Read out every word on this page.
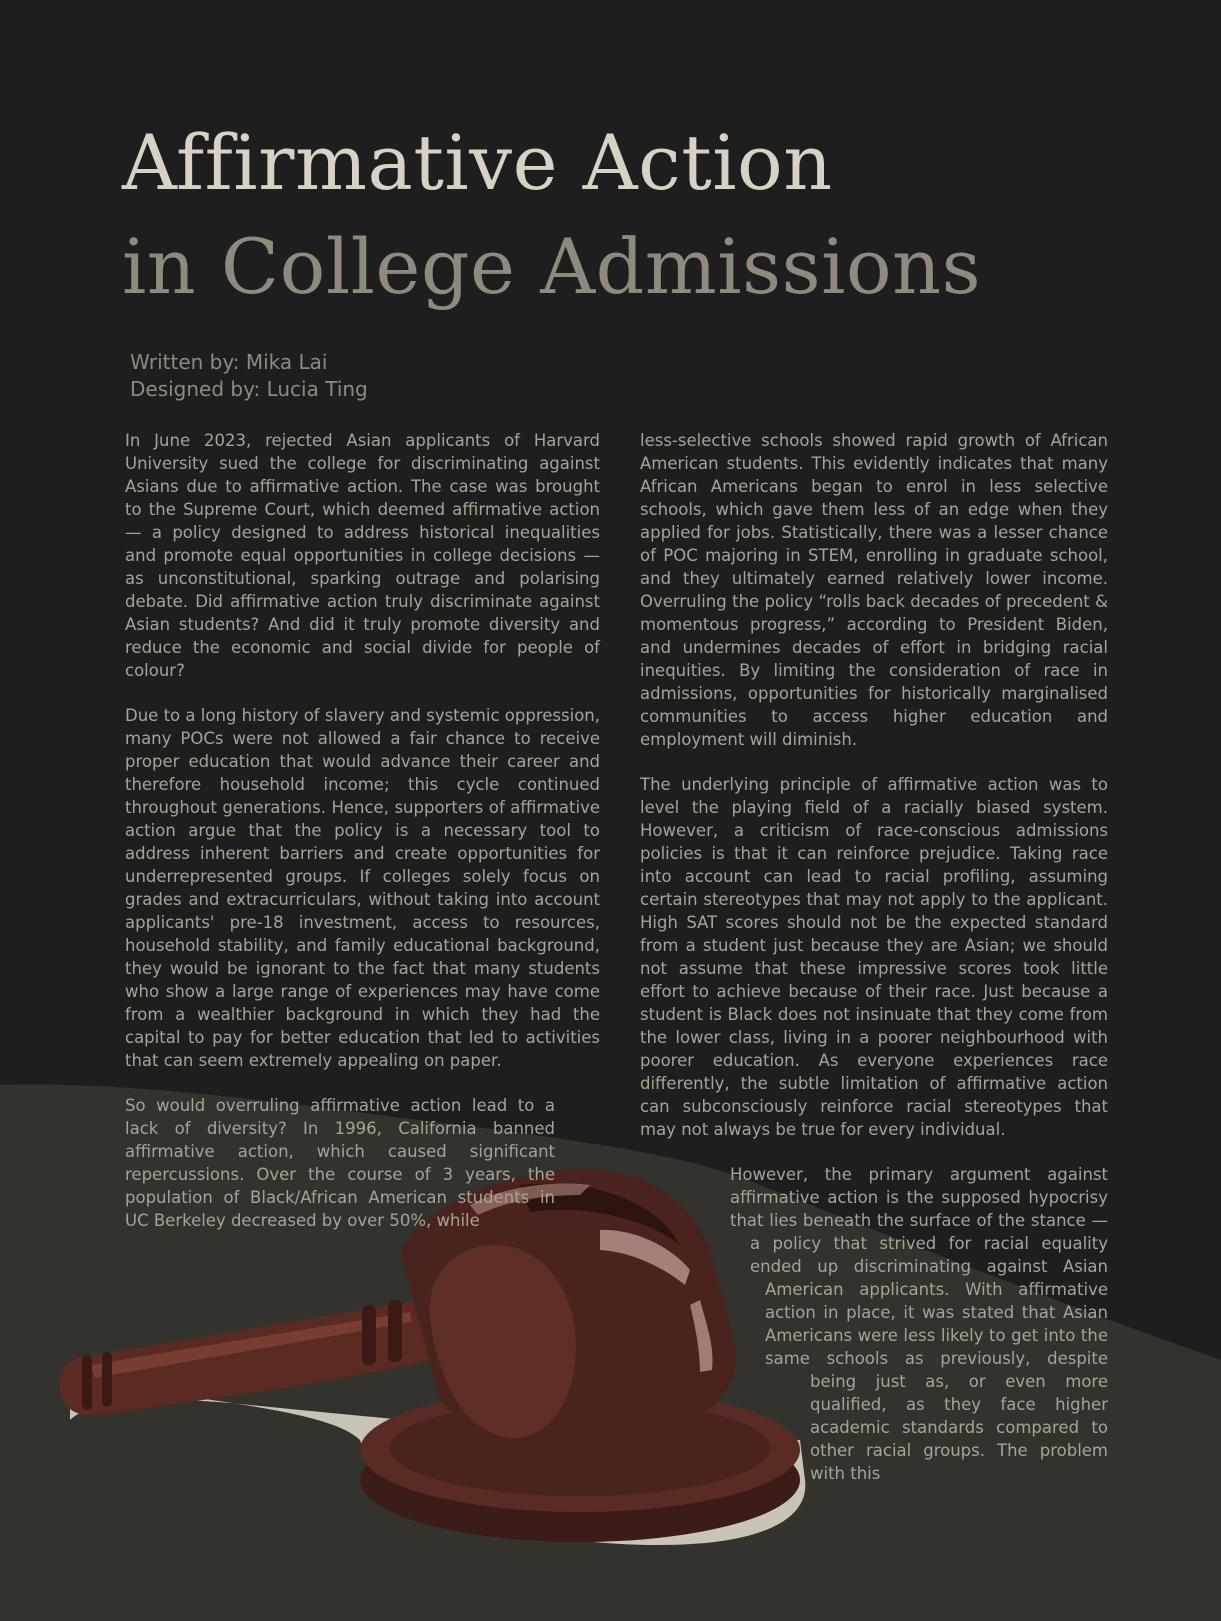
Affirmative Action
in College Admissions
Written by: Mika Lai
Designed by: Lucia Ting

In June 2023, rejected Asian applicants of Harvard University sued the college for discriminating against Asians due to affirmative action. The case was brought to the Supreme Court, which deemed affirmative action — a policy designed to address historical inequalities and promote equal opportunities in college decisions — as unconstitutional, sparking outrage and polarising debate. Did affirmative action truly discriminate against Asian students? And did it truly promote diversity and reduce the economic and social divide for people of colour?

Due to a long history of slavery and systemic oppression, many POCs were not allowed a fair chance to receive proper education that would advance their career and therefore household income; this cycle continued throughout generations. Hence, supporters of affirmative action argue that the policy is a necessary tool to address inherent barriers and create opportunities for underrepresented groups. If colleges solely focus on grades and extracurriculars, without taking into account applicants' pre-18 investment, access to resources, household stability, and family educational background, they would be ignorant to the fact that many students who show a large range of experiences may have come from a wealthier background in which they had the capital to pay for better education that led to activities that can seem extremely appealing on paper.

So would overruling affirmative action lead to a lack of diversity? In 1996, California banned affirmative action, which caused significant repercussions. Over the course of 3 years, the population of Black/African American students in UC Berkeley decreased by over 50%, while

less-selective schools showed rapid growth of African American students. This evidently indicates that many African Americans began to enrol in less selective schools, which gave them less of an edge when they applied for jobs. Statistically, there was a lesser chance of POC majoring in STEM, enrolling in graduate school, and they ultimately earned relatively lower income. Overruling the policy “rolls back decades of precedent & momentous progress,” according to President Biden, and undermines decades of effort in bridging racial inequities. By limiting the consideration of race in admissions, opportunities for historically marginalised communities to access higher education and employment will diminish.

The underlying principle of affirmative action was to level the playing field of a racially biased system. However, a criticism of race-conscious admissions policies is that it can reinforce prejudice. Taking race into account can lead to racial profiling, assuming certain stereotypes that may not apply to the applicant. High SAT scores should not be the expected standard from a student just because they are Asian; we should not assume that these impressive scores took little effort to achieve because of their race. Just because a student is Black does not insinuate that they come from the lower class, living in a poorer neighbourhood with poorer education. As everyone experiences race differently, the subtle limitation of affirmative action can subconsciously reinforce racial stereotypes that may not always be true for every individual.

However, the primary argument against affirmative action is the supposed hypocrisy that lies beneath the surface of the stance — a policy that strived for racial equality ended up discriminating against Asian American applicants. With affirmative action in place, it was stated that Asian Americans were less likely to get into the same schools as previously, despite being just as, or even more qualified, as they face higher academic standards compared to other racial groups. The problem with this
